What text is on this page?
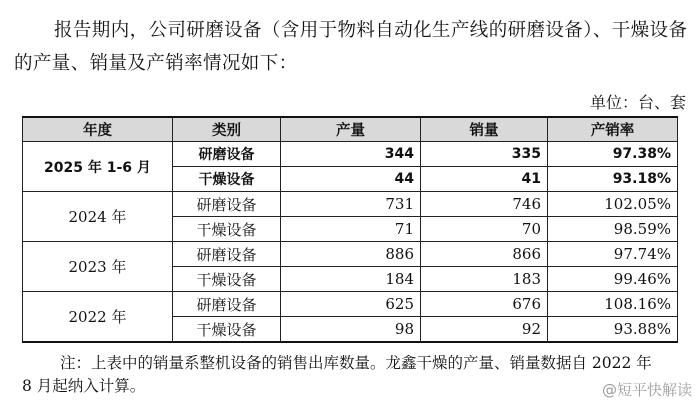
报告期内，公司研磨设备（含用于物料自动化生产线的研磨设备）、干燥设备的产量、销量及产销率情况如下：

单位：台、套
年度	类别	产量	销量	产销率
2025 年 1-6 月	研磨设备	344	335	97.38%
	干燥设备	44	41	93.18%
2024 年	研磨设备	731	746	102.05%
	干燥设备	71	70	98.59%
2023 年	研磨设备	886	866	97.74%
	干燥设备	184	183	99.46%
2022 年	研磨设备	625	676	108.16%
	干燥设备	98	92	93.88%
注：上表中的销量系整机设备的销售出库数量。龙鑫干燥的产量、销量数据自 2022 年
8 月起纳入计算。	@短平快解读
